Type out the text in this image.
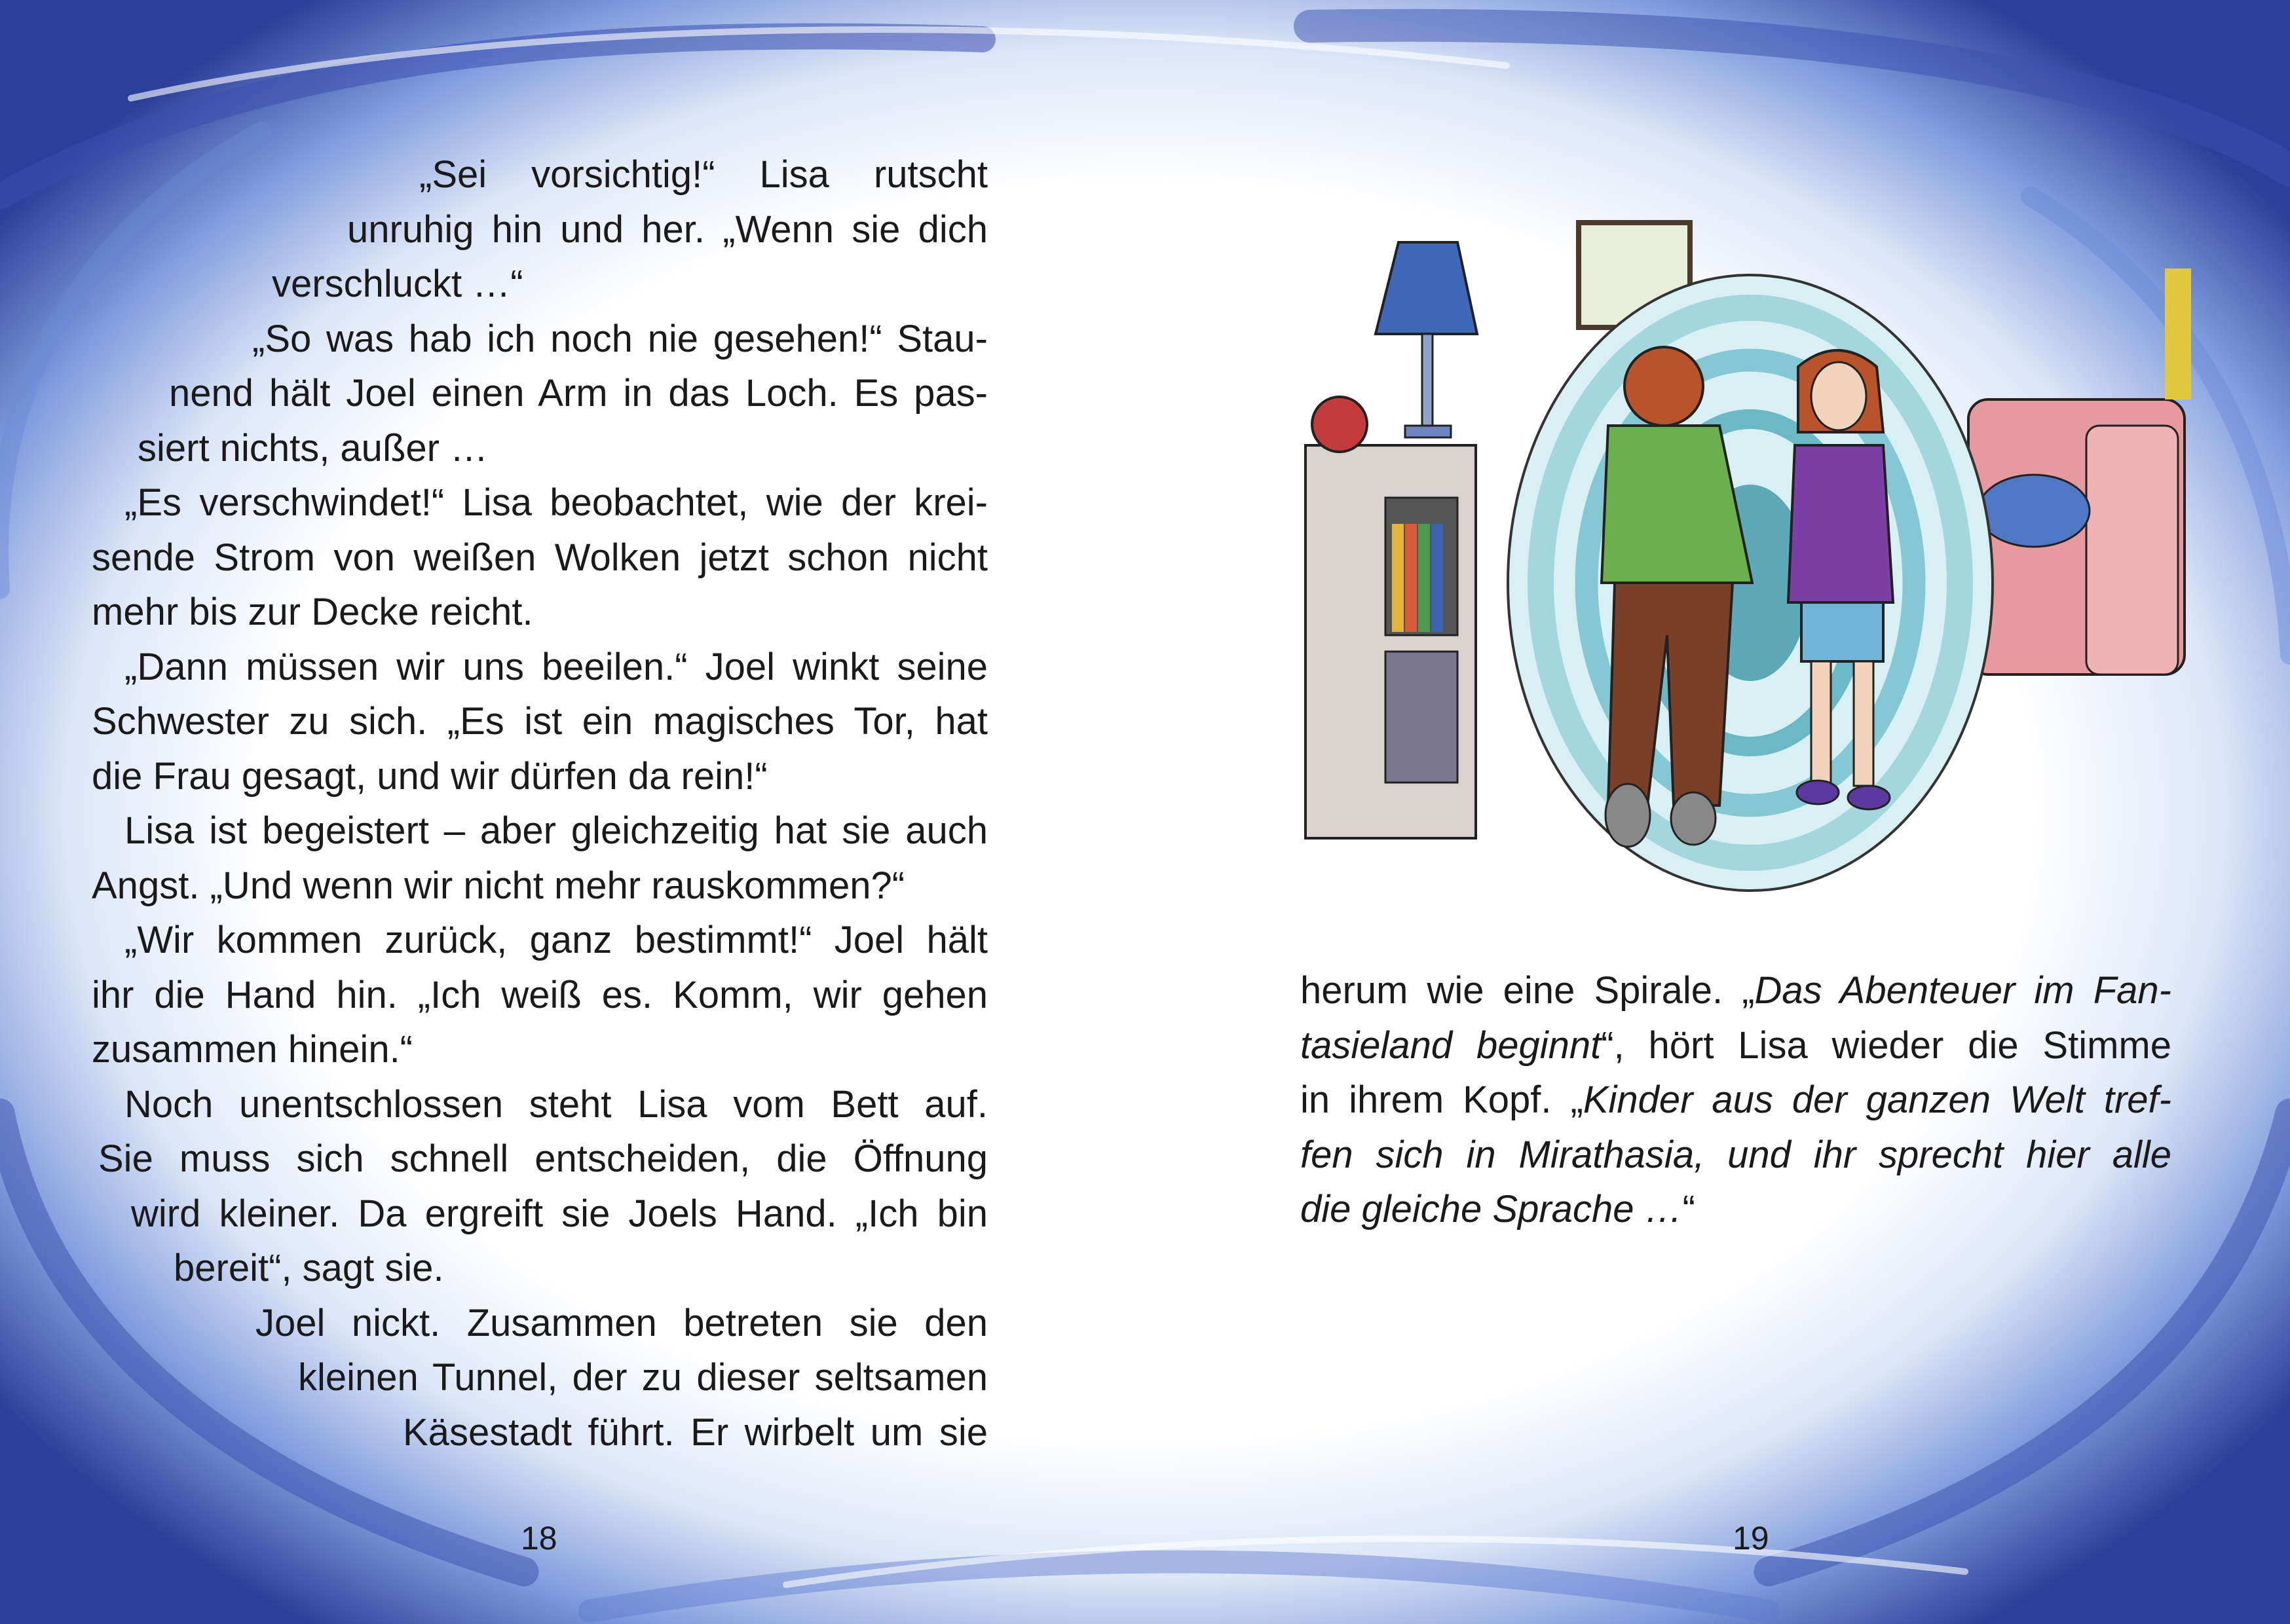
„Sei vorsichtig!“ Lisa rutscht
unruhig hin und her. „Wenn sie dich
verschluckt …“
„So was hab ich noch nie gesehen!“ Stau-
nend hält Joel einen Arm in das Loch. Es pas-
siert nichts, außer …
„Es verschwindet!“ Lisa beobachtet, wie der krei-
sende Strom von weißen Wolken jetzt schon nicht
mehr bis zur Decke reicht.
„Dann müssen wir uns beeilen.“ Joel winkt seine
Schwester zu sich. „Es ist ein magisches Tor, hat
die Frau gesagt, und wir dürfen da rein!“
Lisa ist begeistert – aber gleichzeitig hat sie auch
Angst. „Und wenn wir nicht mehr rauskommen?“
„Wir kommen zurück, ganz bestimmt!“ Joel hält
ihr die Hand hin. „Ich weiß es. Komm, wir gehen
zusammen hinein.“
Noch unentschlossen steht Lisa vom Bett auf.
Sie muss sich schnell entscheiden, die Öffnung
wird kleiner. Da ergreift sie Joels Hand. „Ich bin
bereit“, sagt sie.
Joel nickt. Zusammen betreten sie den
kleinen Tunnel, der zu dieser seltsamen
Käsestadt führt. Er wirbelt um sie
herum wie eine Spirale. „Das Abenteuer im Fan-
tasieland beginnt“, hört Lisa wieder die Stimme
in ihrem Kopf. „Kinder aus der ganzen Welt tref-
fen sich in Mirathasia, und ihr sprecht hier alle
die gleiche Sprache …“
18	19
